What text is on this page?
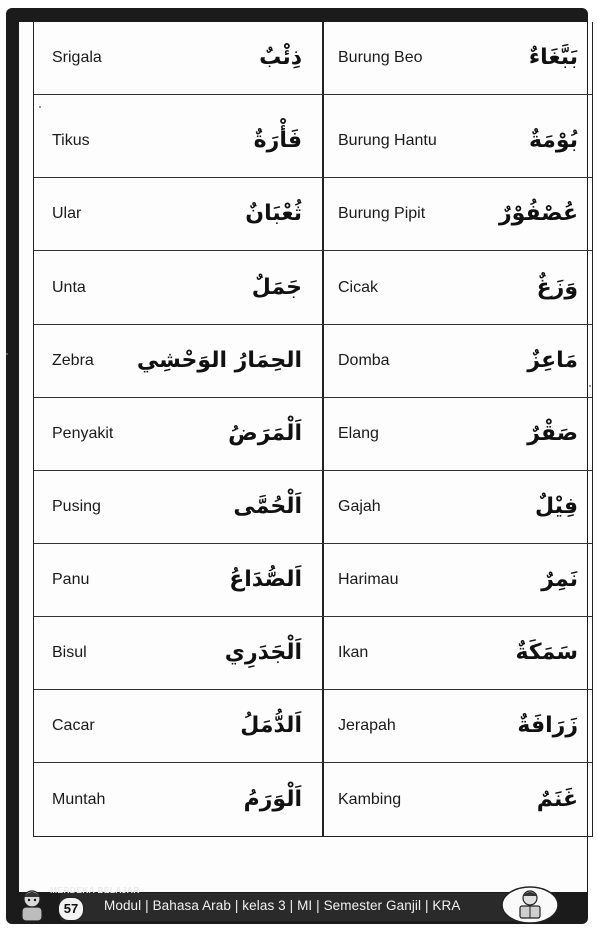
Srigala	ذِئْبٌ Burung Beo	بَبَّغَاءٌ
Tikus	فَأْرَةٌ Burung Hantu	بُوْمَةٌ
Ular	ثُعْبَانٌ Burung Pipit	عُصْفُوْرٌ
Unta	جَمَلٌ Cicak	وَزَغٌ
Zebra الحِمَارُ الوَحْشِي Domba	مَاعِزٌ
Penyakit	اَلْمَرَضُ Elang	صَقْرٌ
Pusing	اَلْحُمَّى Gajah	فِيْلٌ
Panu	اَلصُّدَاعُ Harimau	نَمِرٌ
Bisul	اَلْجَدَرِي Ikan	سَمَكَةٌ
Cacar	اَلدُّمَلُ Jerapah	زَرَافَةٌ
Muntah	اَلْوَرَمُ Kambing	غَنَمٌ
MERDEKA BELAJAR
57	Modul | Bahasa Arab | kelas 3 | MI | Semester Ganjil | KRA
